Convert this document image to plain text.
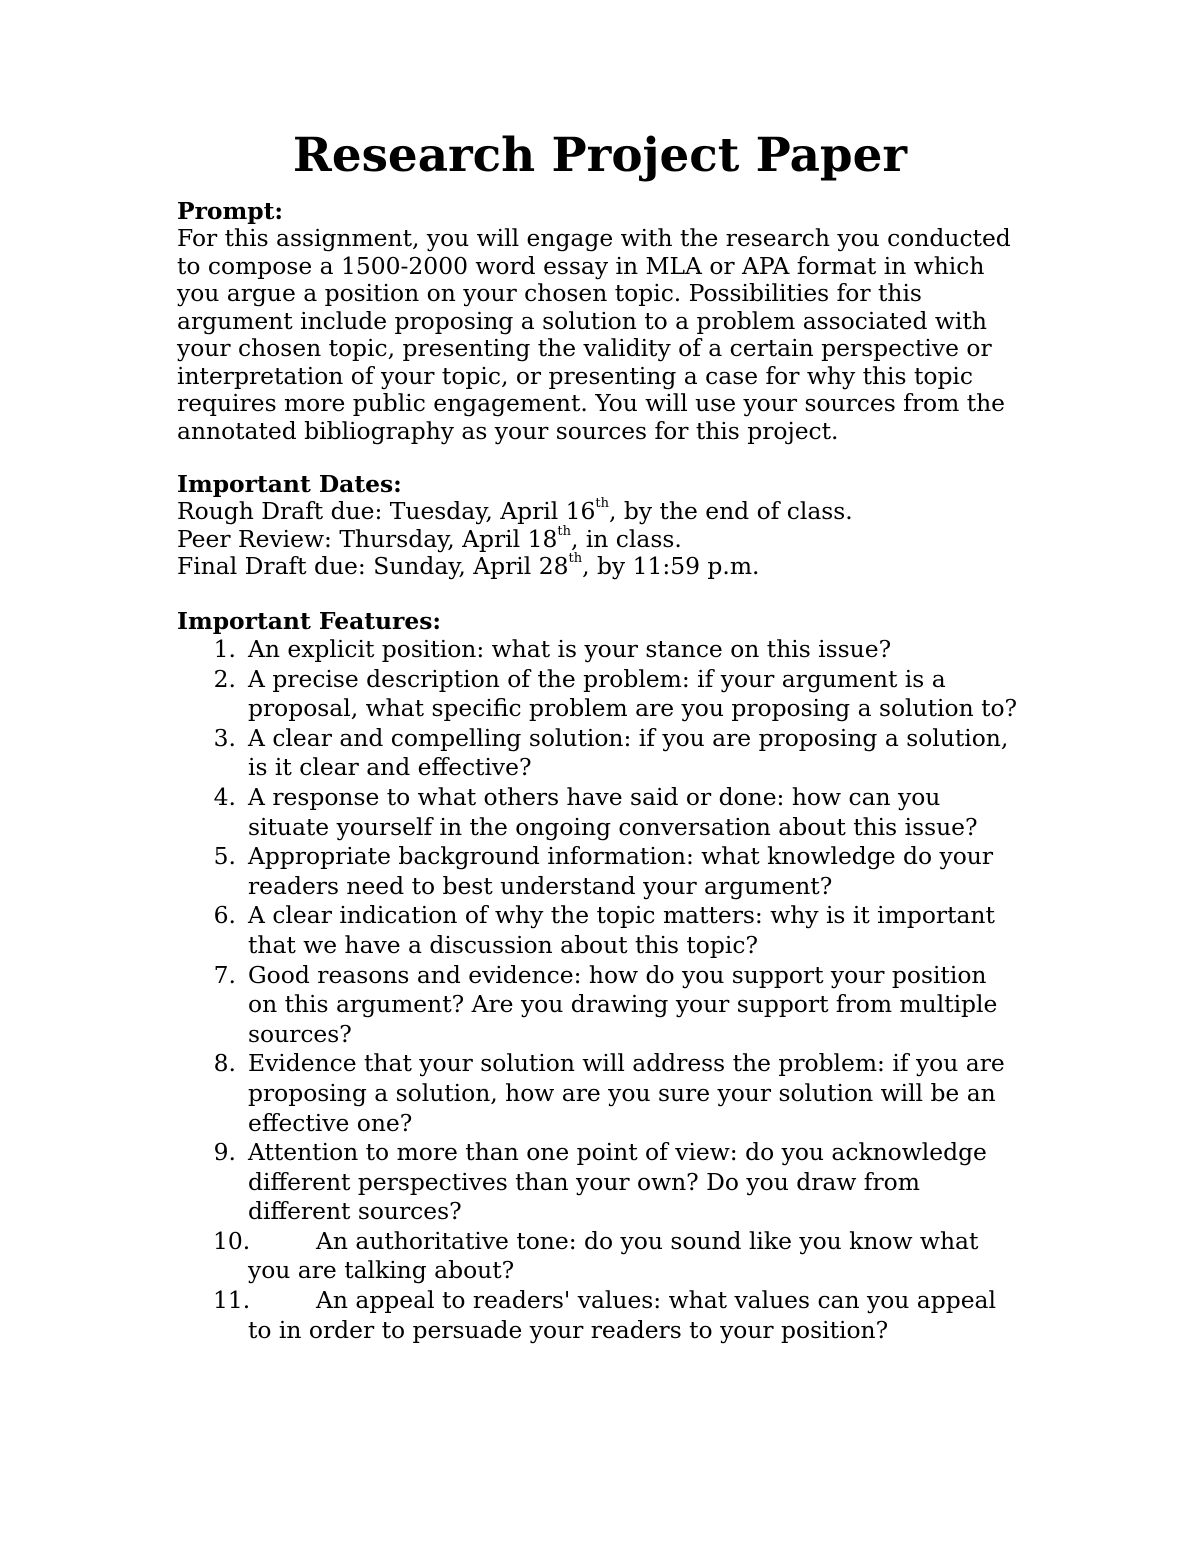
Research Project Paper

Prompt:

For this assignment, you will engage with the research you conducted
to compose a 1500-2000 word essay in MLA or APA format in which
you argue a position on your chosen topic. Possibilities for this
argument include proposing a solution to a problem associated with
your chosen topic, presenting the validity of a certain perspective or
interpretation of your topic, or presenting a case for why this topic
requires more public engagement. You will use your sources from the
annotated bibliography as your sources for this project.

Important Dates:

Rough Draft due: Tuesday, April 16th, by the end of class.

Peer Review: Thursday, April 18th, in class.

Final Draft due: Sunday, April 28th, by 11:59 p.m.

Important Features:

1. An explicit position: what is your stance on this issue?
2. A precise description of the problem: if your argument is a
proposal, what specific problem are you proposing a solution to?
3. A clear and compelling solution: if you are proposing a solution,
is it clear and effective?
4. A response to what others have said or done: how can you
situate yourself in the ongoing conversation about this issue?
5. Appropriate background information: what knowledge do your
readers need to best understand your argument?
6. A clear indication of why the topic matters: why is it important
that we have a discussion about this topic?
7. Good reasons and evidence: how do you support your position
on this argument? Are you drawing your support from multiple
sources?
8. Evidence that your solution will address the problem: if you are
proposing a solution, how are you sure your solution will be an
effective one?
9. Attention to more than one point of view: do you acknowledge
different perspectives than your own? Do you draw from
different sources?
10.	An authoritative tone: do you sound like you know what
you are talking about?
11.	An appeal to readers' values: what values can you appeal
to in order to persuade your readers to your position?
